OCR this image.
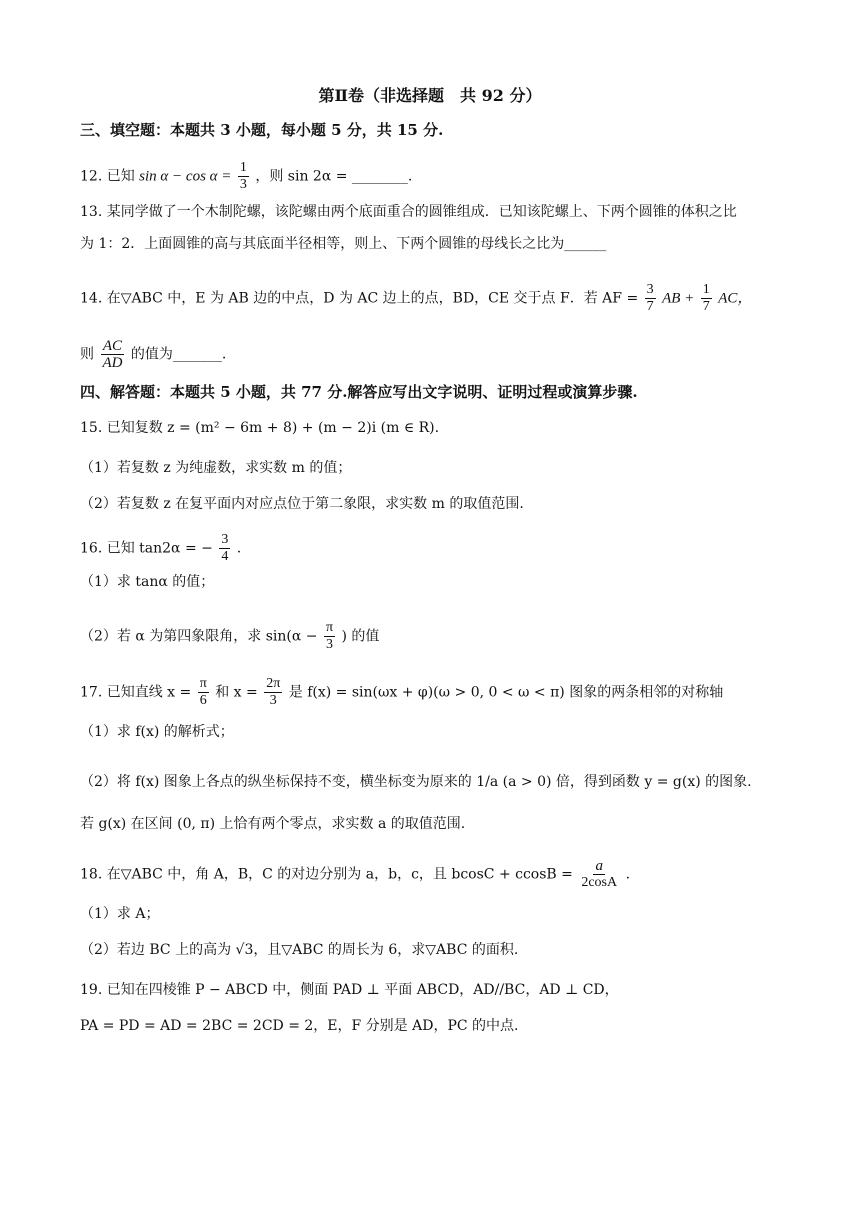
第Ⅱ卷（非选择题　共 92 分）
三、填空题：本题共 3 小题，每小题 5 分，共 15 分.
12. 已知 $\sin \alpha - \cos \alpha = \frac{1}{3}$ ，则 sin 2α = ________.
13. 某同学做了一个木制陀螺，该陀螺由两个底面重合的圆锥组成．已知该陀螺上、下两个圆锥的体积之比
为 1：2．上面圆锥的高与其底面半径相等，则上、下两个圆锥的母线长之比为______
14. 在▽ABC 中，E 为 AB 边的中点，D 为 AC 边上的点，BD，CE 交于点 F．若 AF = $\frac{3}{7}$ AB + $\frac{1}{7}$ AC，
则 $\frac{AC}{AD}$ 的值为_______.
四、解答题：本题共 5 小题，共 77 分.解答应写出文字说明、证明过程或演算步骤.
15. 已知复数 z = (m² − 6m + 8) + (m − 2)i (m ∈ R).
（1）若复数 z 为纯虚数，求实数 m 的值；
（2）若复数 z 在复平面内对应点位于第二象限，求实数 m 的取值范围.
16. 已知 tan2α = − $\frac{3}{4}$ .
（1）求 tanα 的值；
（2）若 α 为第四象限角，求 $\sin(\alpha - \frac{\pi}{3}$ ) 的值
17. 已知直线 $x = \frac{\pi}{6}$ 和 $x = \frac{2\pi}{3}$ 是 f(x) = sin(ωx + φ)(ω > 0, 0 < ω < π) 图象的两条相邻的对称轴
（1）求 f(x) 的解析式；
（2）将 f(x) 图象上各点的纵坐标保持不变，横坐标变为原来的 1/a (a > 0) 倍，得到函数 y = g(x) 的图象.
若 g(x) 在区间 (0, π) 上恰有两个零点，求实数 a 的取值范围.
18. 在▽ABC 中，角 A，B，C 的对边分别为 a，b，c，且 $bcosC + ccosB = \frac{a}{2\cos A}$ .
（1）求 A；
（2）若边 BC 上的高为 √3，且▽ABC 的周长为 6，求▽ABC 的面积.
19. 已知在四棱锥 P − ABCD 中，侧面 PAD ⊥ 平面 ABCD，AD//BC，AD ⊥ CD，
PA = PD = AD = 2BC = 2CD = 2，E，F 分别是 AD，PC 的中点.
